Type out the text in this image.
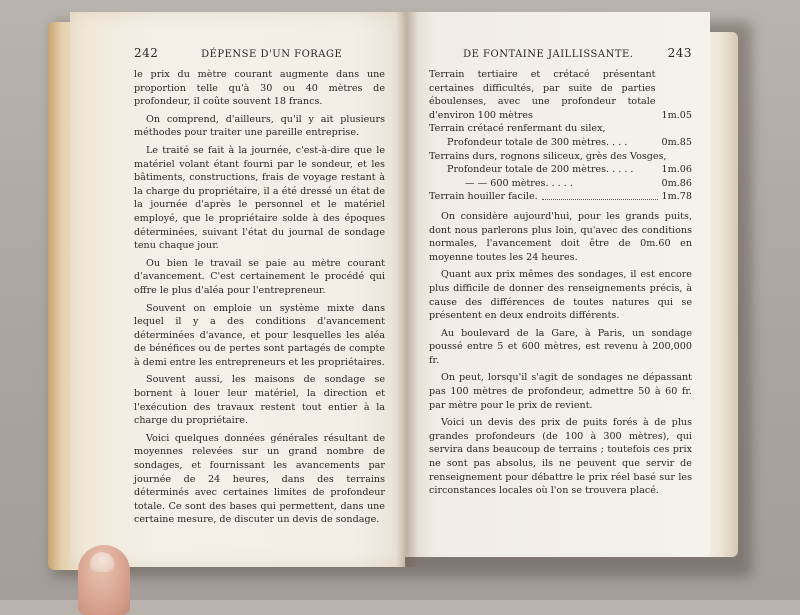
242	DÉPENSE D'UN FORAGE

le prix du mètre courant augmente dans une proportion telle qu'à 30 ou 40 mètres de profondeur, il coûte souvent 18 francs.

On comprend, d'ailleurs, qu'il y ait plusieurs méthodes pour traiter une pareille entreprise.

Le traité se fait à la journée, c'est-à-dire que le matériel volant étant fourni par le sondeur, et les bâtiments, constructions, frais de voyage restant à la charge du propriétaire, il a été dressé un état de la journée d'après le personnel et le matériel employé, que le propriétaire solde à des époques déterminées, suivant l'état du journal de sondage tenu chaque jour.

Ou bien le travail se paie au mètre courant d'avancement. C'est certainement le procédé qui offre le plus d'aléa pour l'entrepreneur.

Souvent on emploie un système mixte dans lequel il y a des conditions d'avancement déterminées d'avance, et pour lesquelles les aléa de bénéfices ou de pertes sont partagés de compte à demi entre les entrepreneurs et les propriétaires.

Souvent aussi, les maisons de sondage se bornent à louer leur matériel, la direction et l'exécution des travaux restent tout entier à la charge du propriétaire.

Voici quelques données générales résultant de moyennes relevées sur un grand nombre de sondages, et fournissant les avancements par journée de 24 heures, dans des terrains déterminés avec certaines limites de profondeur totale. Ce sont des bases qui permettent, dans une certaine mesure, de discuter un devis de sondage.

DE FONTAINE JAILLISSANTE.	243
Terrain tertiaire et crétacé présentant certaines difficultés, par suite de parties éboulenses, avec une profondeur totale d'environ 100 mètres	1m.05
Terrain crétacé renfermant du silex,
Profondeur totale de 300 mètres. . . .	0m.85
Terrains durs, rognons siliceux, grès des Vosges,
Profondeur totale de 200 mètres. . . . .	1m.06
— — 600 mètres. . . . .	0m.86
Terrain houiller facile.	1m.78

On considère aujourd'hui, pour les grands puits, dont nous parlerons plus loin, qu'avec des conditions normales, l'avancement doit être de 0m.60 en moyenne toutes les 24 heures.

Quant aux prix mêmes des sondages, il est encore plus difficile de donner des renseignements précis, à cause des différences de toutes natures qui se présentent en deux endroits différents.

Au boulevard de la Gare, à Paris, un sondage poussé entre 5 et 600 mètres, est revenu à 200,000 fr.

On peut, lorsqu'il s'agit de sondages ne dépassant pas 100 mètres de profondeur, admettre 50 à 60 fr. par mètre pour le prix de revient.

Voici un devis des prix de puits forés à de plus grandes profondeurs (de 100 à 300 mètres), qui servira dans beaucoup de terrains ; toutefois ces prix ne sont pas absolus, ils ne peuvent que servir de renseignement pour débattre le prix réel basé sur les circonstances locales où l'on se trouvera placé.
